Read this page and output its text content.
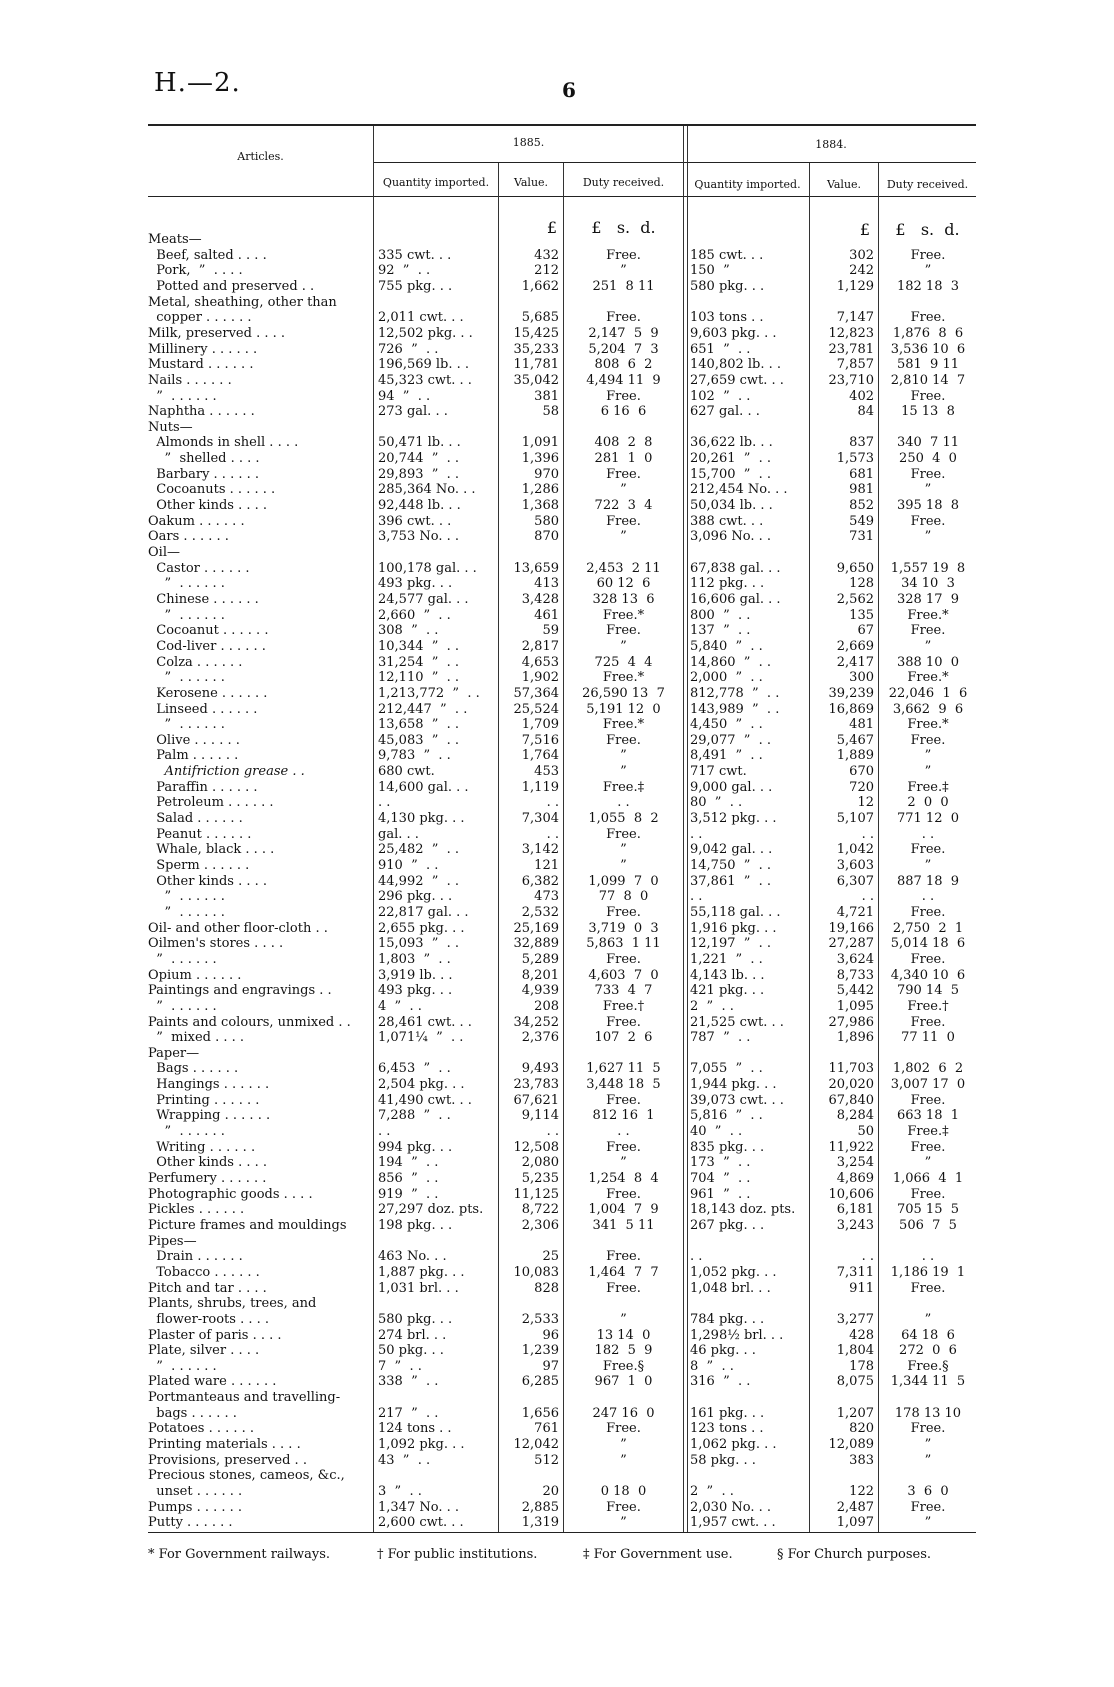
H.—2.	6
Articles.
1885.	1884.
Quantity imported.	Value.	Duty received.	Quantity imported.	Value.	Duty received.
£	£   s.  d.	£	£   s.  d.
Meats—
Beef, salted . . . .	335 cwt. . .	432	Free.	185 cwt. . .	302	Free.
Pork,  ”  . . . .	92  ”  . .	212	”	150  ”	242	”
Potted and preserved . .	755 pkg. . .	1,662	251  8 11	580 pkg. . .	1,129	182 18  3
Metal, sheathing, other than
copper . . . . . .	2,011 cwt. . .	5,685	Free.	103 tons . .	7,147	Free.
Milk, preserved . . . .	12,502 pkg. . .	15,425	2,147  5  9	9,603 pkg. . .	12,823	1,876  8  6
Millinery . . . . . .	726  ”  . .	35,233	5,204  7  3	651  ”  . .	23,781	3,536 10  6
Mustard . . . . . .	196,569 lb. . .	11,781	808  6  2	140,802 lb. . .	7,857	581  9 11
Nails . . . . . .	45,323 cwt. . .	35,042	4,494 11  9	27,659 cwt. . .	23,710	2,810 14  7
”  . . . . . .	94  ”  . .	381	Free.	102  ”  . .	402	Free.
Naphtha . . . . . .	273 gal. . .	58	6 16  6	627 gal. . .	84	15 13  8
Nuts—
Almonds in shell . . . .	50,471 lb. . .	1,091	408  2  8	36,622 lb. . .	837	340  7 11
”  shelled . . . .	20,744  ”  . .	1,396	281  1  0	20,261  ”  . .	1,573	250  4  0
Barbary . . . . . .	29,893  ”  . .	970	Free.	15,700  ”  . .	681	Free.
Cocoanuts . . . . . .	285,364 No. . .	1,286	”	212,454 No. . .	981	”
Other kinds . . . .	92,448 lb. . .	1,368	722  3  4	50,034 lb. . .	852	395 18  8
Oakum . . . . . .	396 cwt. . .	580	Free.	388 cwt. . .	549	Free.
Oars . . . . . .	3,753 No. . .	870	”	3,096 No. . .	731	”
Oil—
Castor . . . . . .	100,178 gal. . .	13,659	2,453  2 11	67,838 gal. . .	9,650	1,557 19  8
”  . . . . . .	493 pkg. . .	413	60 12  6	112 pkg. . .	128	34 10  3
Chinese . . . . . .	24,577 gal. . .	3,428	328 13  6	16,606 gal. . .	2,562	328 17  9
”  . . . . . .	2,660  ”  . .	461	Free.*	800  ”  . .	135	Free.*
Cocoanut . . . . . .	308  ”  . .	59	Free.	137  ”  . .	67	Free.
Cod-liver . . . . . .	10,344  ”  . .	2,817	”	5,840  ”  . .	2,669	”
Colza . . . . . .	31,254  ”  . .	4,653	725  4  4	14,860  ”  . .	2,417	388 10  0
”  . . . . . .	12,110  ”  . .	1,902	Free.*	2,000  ”  . .	300	Free.*
Kerosene . . . . . .	1,213,772  ”  . .	57,364	26,590 13  7	812,778  ”  . .	39,239	22,046  1  6
Linseed . . . . . .	212,447  ”  . .	25,524	5,191 12  0	143,989  ”  . .	16,869	3,662  9  6
”  . . . . . .	13,658  ”  . .	1,709	Free.*	4,450  ”  . .	481	Free.*
Olive . . . . . .	45,083  ”  . .	7,516	Free.	29,077  ”  . .	5,467	Free.
Palm . . . . . .	9,783  ”  . .	1,764	”	8,491  ”  . .	1,889	”
Antifriction grease . .	680 cwt.	453	”	717 cwt.	670	”
Paraffin . . . . . .	14,600 gal. . .	1,119	Free.‡	9,000 gal. . .	720	Free.‡
Petroleum . . . . . .	. .	. .	. .	80  ”  . .	12	2  0  0
Salad . . . . . .	4,130 pkg. . .	7,304	1,055  8  2	3,512 pkg. . .	5,107	771 12  0
Peanut . . . . . .	gal. . .	. .	Free.	. .	. .	. .
Whale, black . . . .	25,482  ”  . .	3,142	”	9,042 gal. . .	1,042	Free.
Sperm . . . . . .	910  ”  . .	121	”	14,750  ”  . .	3,603	”
Other kinds . . . .	44,992  ”  . .	6,382	1,099  7  0	37,861  ”  . .	6,307	887 18  9
”  . . . . . .	296 pkg. . .	473	77  8  0	. .	. .	. .
”  . . . . . .	22,817 gal. . .	2,532	Free.	55,118 gal. . .	4,721	Free.
Oil- and other floor-cloth . .	2,655 pkg. . .	25,169	3,719  0  3	1,916 pkg. . .	19,166	2,750  2  1
Oilmen's stores . . . .	15,093  ”  . .	32,889	5,863  1 11	12,197  ”  . .	27,287	5,014 18  6
”  . . . . . .	1,803  ”  . .	5,289	Free.	1,221  ”  . .	3,624	Free.
Opium . . . . . .	3,919 lb. . .	8,201	4,603  7  0	4,143 lb. . .	8,733	4,340 10  6
Paintings and engravings . .	493 pkg. . .	4,939	733  4  7	421 pkg. . .	5,442	790 14  5
”  . . . . . .	4  ”  . .	208	Free.†	2  ”  . .	1,095	Free.†
Paints and colours, unmixed . .	28,461 cwt. . .	34,252	Free.	21,525 cwt. . .	27,986	Free.
”  mixed . . . .	1,071¼  ”  . .	2,376	107  2  6	787  ”  . .	1,896	77 11  0
Paper—
Bags . . . . . .	6,453  ”  . .	9,493	1,627 11  5	7,055  ”  . .	11,703	1,802  6  2
Hangings . . . . . .	2,504 pkg. . .	23,783	3,448 18  5	1,944 pkg. . .	20,020	3,007 17  0
Printing . . . . . .	41,490 cwt. . .	67,621	Free.	39,073 cwt. . .	67,840	Free.
Wrapping . . . . . .	7,288  ”  . .	9,114	812 16  1	5,816  ”  . .	8,284	663 18  1
”  . . . . . .	. .	. .	. .	40  ”  . .	50	Free.‡
Writing . . . . . .	994 pkg. . .	12,508	Free.	835 pkg. . .	11,922	Free.
Other kinds . . . .	194  ”  . .	2,080	”	173  ”  . .	3,254	”
Perfumery . . . . . .	856  ”  . .	5,235	1,254  8  4	704  ”  . .	4,869	1,066  4  1
Photographic goods . . . .	919  ”  . .	11,125	Free.	961  ”  . .	10,606	Free.
Pickles . . . . . .	27,297 doz. pts.	8,722	1,004  7  9	18,143 doz. pts.	6,181	705 15  5
Picture frames and mouldings	198 pkg. . .	2,306	341  5 11	267 pkg. . .	3,243	506  7  5
Pipes—
Drain . . . . . .	463 No. . .	25	Free.	. .	. .	. .
Tobacco . . . . . .	1,887 pkg. . .	10,083	1,464  7  7	1,052 pkg. . .	7,311	1,186 19  1
Pitch and tar . . . .	1,031 brl. . .	828	Free.	1,048 brl. . .	911	Free.
Plants, shrubs, trees, and
flower-roots . . . .	580 pkg. . .	2,533	”	784 pkg. . .	3,277	”
Plaster of paris . . . .	274 brl. . .	96	13 14  0	1,298½ brl. . .	428	64 18  6
Plate, silver . . . .	50 pkg. . .	1,239	182  5  9	46 pkg. . .	1,804	272  0  6
”  . . . . . .	7  ”  . .	97	Free.§	8  ”  . .	178	Free.§
Plated ware . . . . . .	338  ”  . .	6,285	967  1  0	316  ”  . .	8,075	1,344 11  5
Portmanteaus and travelling-
bags . . . . . .	217  ”  . .	1,656	247 16  0	161 pkg. . .	1,207	178 13 10
Potatoes . . . . . .	124 tons . .	761	Free.	123 tons . .	820	Free.
Printing materials . . . .	1,092 pkg. . .	12,042	”	1,062 pkg. . .	12,089	”
Provisions, preserved . .	43  ”  . .	512	”	58 pkg. . .	383	”
Precious stones, cameos, &c.,
unset . . . . . .	3  ”  . .	20	0 18  0	2  ”  . .	122	3  6  0
Pumps . . . . . .	1,347 No. . .	2,885	Free.	2,030 No. . .	2,487	Free.
Putty . . . . . .	2,600 cwt. . .	1,319	”	1,957 cwt. . .	1,097	”
* For Government railways.	† For public institutions.	‡ For Government use.	§ For Church purposes.
